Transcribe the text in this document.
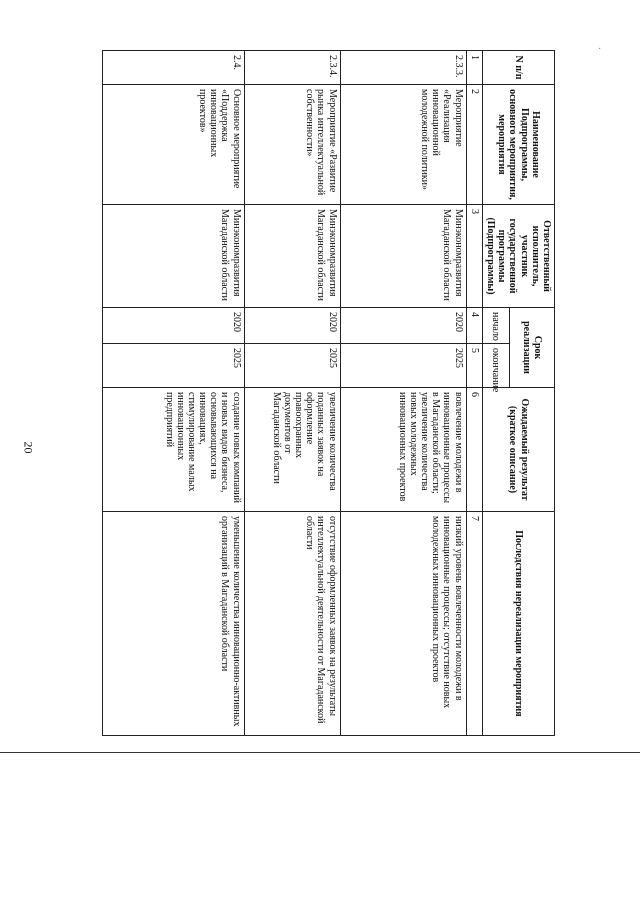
20
·
N п/п	Наименование Подпрограммы, основного мероприятия, мероприятия	Ответственный исполнитель, участник государственной программы (Подпрограммы)	Срок реализации		Ожидаемый результат (краткое описание)	Последствия нереализации мероприятия
			начало	окончание		
1	2	3	4	5	6	7
2.3.3.	Мероприятие «Реализация инновационной молодежной политики»	Минэкономразвития Магаданской области	2020	2025	вовлечение молодежи в инновационные процессы в Магаданской области; увеличение количества новых молодежных инновационных проектов	низкий уровень вовлеченности молодежи в инновационные процессы; отсутствие новых молодежных инновационных проектов
2.3.4.	Мероприятие «Развитие рынка интеллектуальной собственности»	Минэкономразвития Магаданской области	2020	2025	увеличение количества поданных заявок на оформление правоохранных документов от Магаданской области	отсутствие оформленных заявок на результаты интеллектуальной деятельности от Магаданской области
2.4.	Основное мероприятие «Поддержка инновационных проектов»	Минэкономразвития Магаданской области	2020	2025	создание новых компаний и новых видов бизнеса, основывающихся на инновациях, стимулирование малых инновационных предприятий	уменьшение количества инновационно-активных организаций в Магаданской области
